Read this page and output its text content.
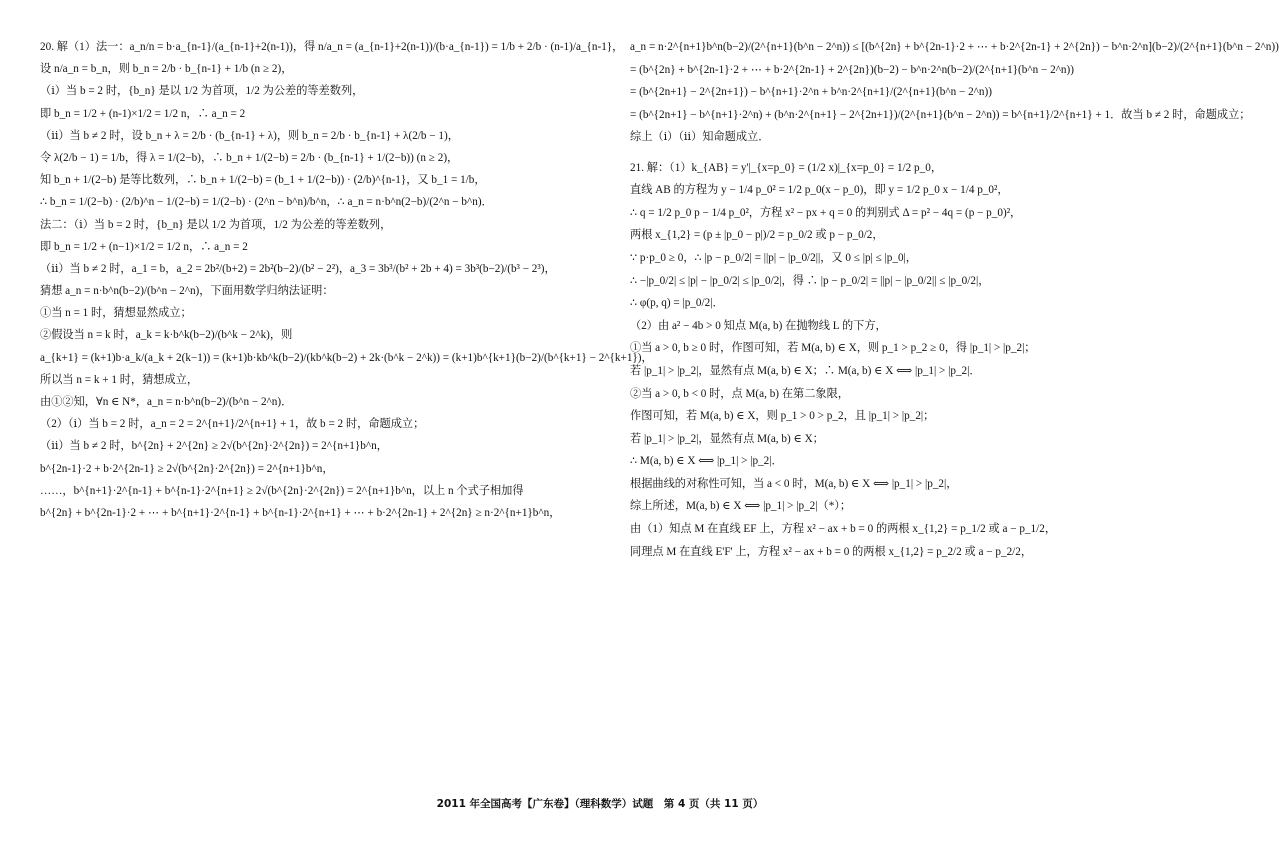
20. 解（1）法一：a_n/n = b·a_{n-1}/(a_{n-1}+2(n-1))，得 n/a_n = (a_{n-1}+2(n-1))/(b·a_{n-1}) = 1/b + 2/b · (n-1)/a_{n-1}，
设 n/a_n = b_n，则 b_n = 2/b · b_{n-1} + 1/b (n ≥ 2)，
（ⅰ）当 b = 2 时，{b_n} 是以 1/2 为首项，1/2 为公差的等差数列，
即 b_n = 1/2 + (n-1)×1/2 = 1/2 n，∴ a_n = 2
（ⅱ）当 b ≠ 2 时，设 b_n + λ = 2/b · (b_{n-1} + λ)，则 b_n = 2/b · b_{n-1} + λ(2/b − 1)，
令 λ(2/b − 1) = 1/b，得 λ = 1/(2−b)，∴ b_n + 1/(2−b) = 2/b · (b_{n-1} + 1/(2−b)) (n ≥ 2)，
知 b_n + 1/(2−b) 是等比数列，∴ b_n + 1/(2−b) = (b_1 + 1/(2−b)) · (2/b)^{n-1}，又 b_1 = 1/b，
∴ b_n = 1/(2−b) · (2/b)^n − 1/(2−b) = 1/(2−b) · (2^n − b^n)/b^n，∴ a_n = n·b^n(2−b)/(2^n − b^n)．
法二：（ⅰ）当 b = 2 时，{b_n} 是以 1/2 为首项，1/2 为公差的等差数列，
即 b_n = 1/2 + (n−1)×1/2 = 1/2 n，∴ a_n = 2
（ⅱ）当 b ≠ 2 时，a_1 = b，a_2 = 2b²/(b+2) = 2b²(b−2)/(b² − 2²)，a_3 = 3b³/(b² + 2b + 4) = 3b³(b−2)/(b³ − 2³)，
猜想 a_n = n·b^n(b−2)/(b^n − 2^n)，下面用数学归纳法证明：
①当 n = 1 时，猜想显然成立；
②假设当 n = k 时，a_k = k·b^k(b−2)/(b^k − 2^k)，则
a_{k+1} = (k+1)b·a_k/(a_k + 2(k−1)) = (k+1)b·kb^k(b−2)/(kb^k(b−2) + 2k·(b^k − 2^k)) = (k+1)b^{k+1}(b−2)/(b^{k+1} − 2^{k+1})，
所以当 n = k + 1 时，猜想成立，
由①②知，∀n ∈ N*，a_n = n·b^n(b−2)/(b^n − 2^n)．
（2）（ⅰ）当 b = 2 时，a_n = 2 = 2^{n+1}/2^{n+1} + 1，故 b = 2 时，命题成立；
（ⅱ）当 b ≠ 2 时，b^{2n} + 2^{2n} ≥ 2√(b^{2n}·2^{2n}) = 2^{n+1}b^n，
b^{2n-1}·2 + b·2^{2n-1} ≥ 2√(b^{2n}·2^{2n}) = 2^{n+1}b^n，
……，b^{n+1}·2^{n-1} + b^{n-1}·2^{n+1} ≥ 2√(b^{2n}·2^{2n}) = 2^{n+1}b^n，以上 n 个式子相加得
b^{2n} + b^{2n-1}·2 + ⋯ + b^{n+1}·2^{n-1} + b^{n-1}·2^{n+1} + ⋯ + b·2^{2n-1} + 2^{2n} ≥ n·2^{n+1}b^n，
a_n = n·2^{n+1}b^n(b−2)/(2^{n+1}(b^n − 2^n)) ≤ [(b^{2n} + b^{2n-1}·2 + ⋯ + b·2^{2n-1} + 2^{2n}) − b^n·2^n](b−2)/(2^{n+1}(b^n − 2^n))
= (b^{2n} + b^{2n-1}·2 + ⋯ + b·2^{2n-1} + 2^{2n})(b−2) − b^n·2^n(b−2)/(2^{n+1}(b^n − 2^n))
= (b^{2n+1} − 2^{2n+1}) − b^{n+1}·2^n + b^n·2^{n+1}/(2^{n+1}(b^n − 2^n))
= (b^{2n+1} − b^{n+1}·2^n) + (b^n·2^{n+1} − 2^{2n+1})/(2^{n+1}(b^n − 2^n)) = b^{n+1}/2^{n+1} + 1．故当 b ≠ 2 时，命题成立；
综上（ⅰ）（ⅱ）知命题成立．
21. 解：（1）k_{AB} = y'|_{x=p_0} = (1/2 x)|_{x=p_0} = 1/2 p_0，
直线 AB 的方程为 y − 1/4 p_0² = 1/2 p_0(x − p_0)，即 y = 1/2 p_0 x − 1/4 p_0²，
∴ q = 1/2 p_0 p − 1/4 p_0²，方程 x² − px + q = 0 的判别式 Δ = p² − 4q = (p − p_0)²，
两根 x_{1,2} = (p ± |p_0 − p|)/2 = p_0/2 或 p − p_0/2，
∵ p·p_0 ≥ 0，∴ |p − p_0/2| = ||p| − |p_0/2||，又 0 ≤ |p| ≤ |p_0|，
∴ −|p_0/2| ≤ |p| − |p_0/2| ≤ |p_0/2|，得 ∴ |p − p_0/2| = ||p| − |p_0/2|| ≤ |p_0/2|，
∴ φ(p, q) = |p_0/2|．
（2）由 a² − 4b > 0 知点 M(a, b) 在抛物线 L 的下方，
①当 a > 0, b ≥ 0 时，作图可知，若 M(a, b) ∈ X，则 p_1 > p_2 ≥ 0，得 |p_1| > |p_2|；
若 |p_1| > |p_2|，显然有点 M(a, b) ∈ X；∴ M(a, b) ∈ X ⟺ |p_1| > |p_2|．
②当 a > 0, b < 0 时，点 M(a, b) 在第二象限，
作图可知，若 M(a, b) ∈ X，则 p_1 > 0 > p_2，且 |p_1| > |p_2|；
若 |p_1| > |p_2|，显然有点 M(a, b) ∈ X；
∴ M(a, b) ∈ X ⟺ |p_1| > |p_2|．
根据曲线的对称性可知，当 a < 0 时，M(a, b) ∈ X ⟺ |p_1| > |p_2|，
综上所述，M(a, b) ∈ X ⟺ |p_1| > |p_2|（*）；
由（1）知点 M 在直线 EF 上，方程 x² − ax + b = 0 的两根 x_{1,2} = p_1/2 或 a − p_1/2，
同理点 M 在直线 E'F' 上，方程 x² − ax + b = 0 的两根 x_{1,2} = p_2/2 或 a − p_2/2，
2011 年全国高考【广东卷】（理科数学）试题　第 4 页（共 11 页）
